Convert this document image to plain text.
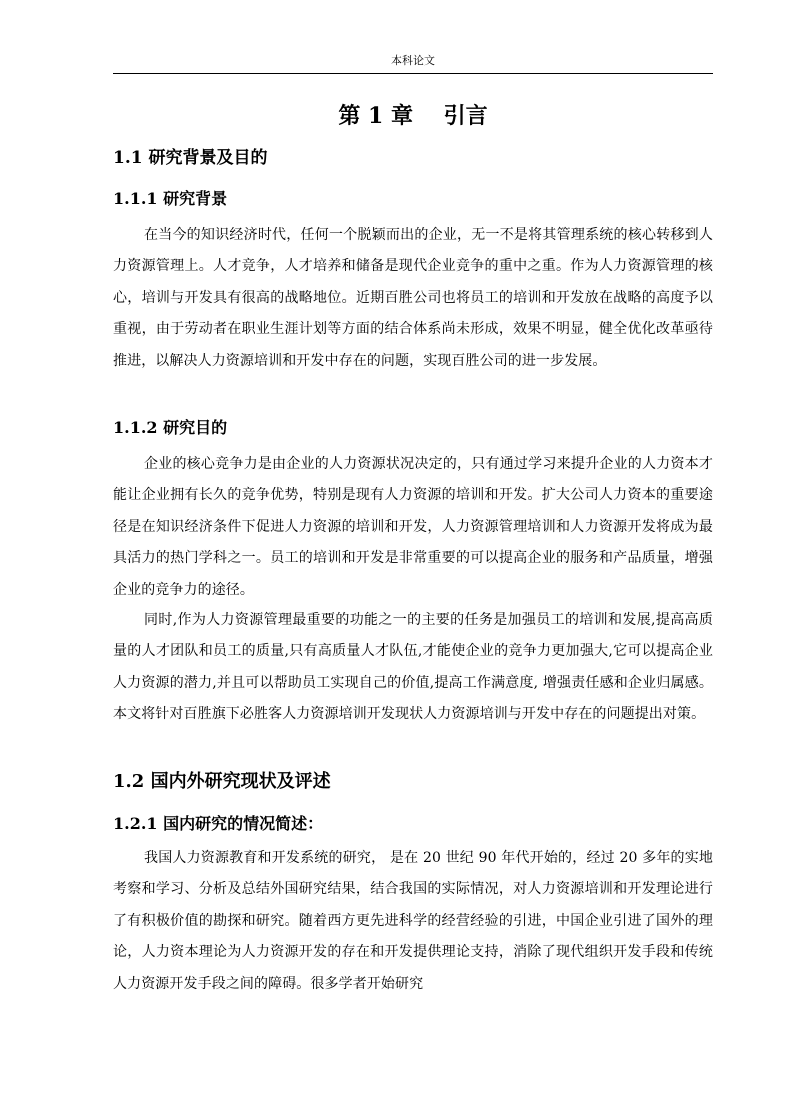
本科论文
第 1 章    引言
1.1 研究背景及目的
1.1.1 研究背景

在当今的知识经济时代，任何一个脱颖而出的企业，无一不是将其管理系统的核心转移到人力资源管理上。人才竞争，人才培养和储备是现代企业竞争的重中之重。作为人力资源管理的核心，培训与开发具有很高的战略地位。近期百胜公司也将员工的培训和开发放在战略的高度予以重视，由于劳动者在职业生涯计划等方面的结合体系尚未形成，效果不明显，健全优化改革亟待推进，以解决人力资源培训和开发中存在的问题，实现百胜公司的进一步发展。

1.1.2 研究目的

企业的核心竞争力是由企业的人力资源状况决定的，只有通过学习来提升企业的人力资本才能让企业拥有长久的竞争优势，特别是现有人力资源的培训和开发。扩大公司人力资本的重要途径是在知识经济条件下促进人力资源的培训和开发，人力资源管理培训和人力资源开发将成为最具活力的热门学科之一。员工的培训和开发是非常重要的可以提高企业的服务和产品质量，增强企业的竞争力的途径。

同时,作为人力资源管理最重要的功能之一的主要的任务是加强员工的培训和发展,提高高质量的人才团队和员工的质量,只有高质量人才队伍,才能使企业的竞争力更加强大,它可以提高企业人力资源的潜力,并且可以帮助员工实现自己的价值,提高工作满意度, 增强责任感和企业归属感。本文将针对百胜旗下必胜客人力资源培训开发现状人力资源培训与开发中存在的问题提出对策。

1.2 国内外研究现状及评述
1.2.1 国内研究的情况简述：

我国人力资源教育和开发系统的研究， 是在 20 世纪 90 年代开始的，经过 20 多年的实地考察和学习、分析及总结外国研究结果，结合我国的实际情况，对人力资源培训和开发理论进行了有积极价值的勘探和研究。随着西方更先进科学的经营经验的引进，中国企业引进了国外的理论，人力资本理论为人力资源开发的存在和开发提供理论支持，消除了现代组织开发手段和传统人力资源开发手段之间的障碍。很多学者开始研究
